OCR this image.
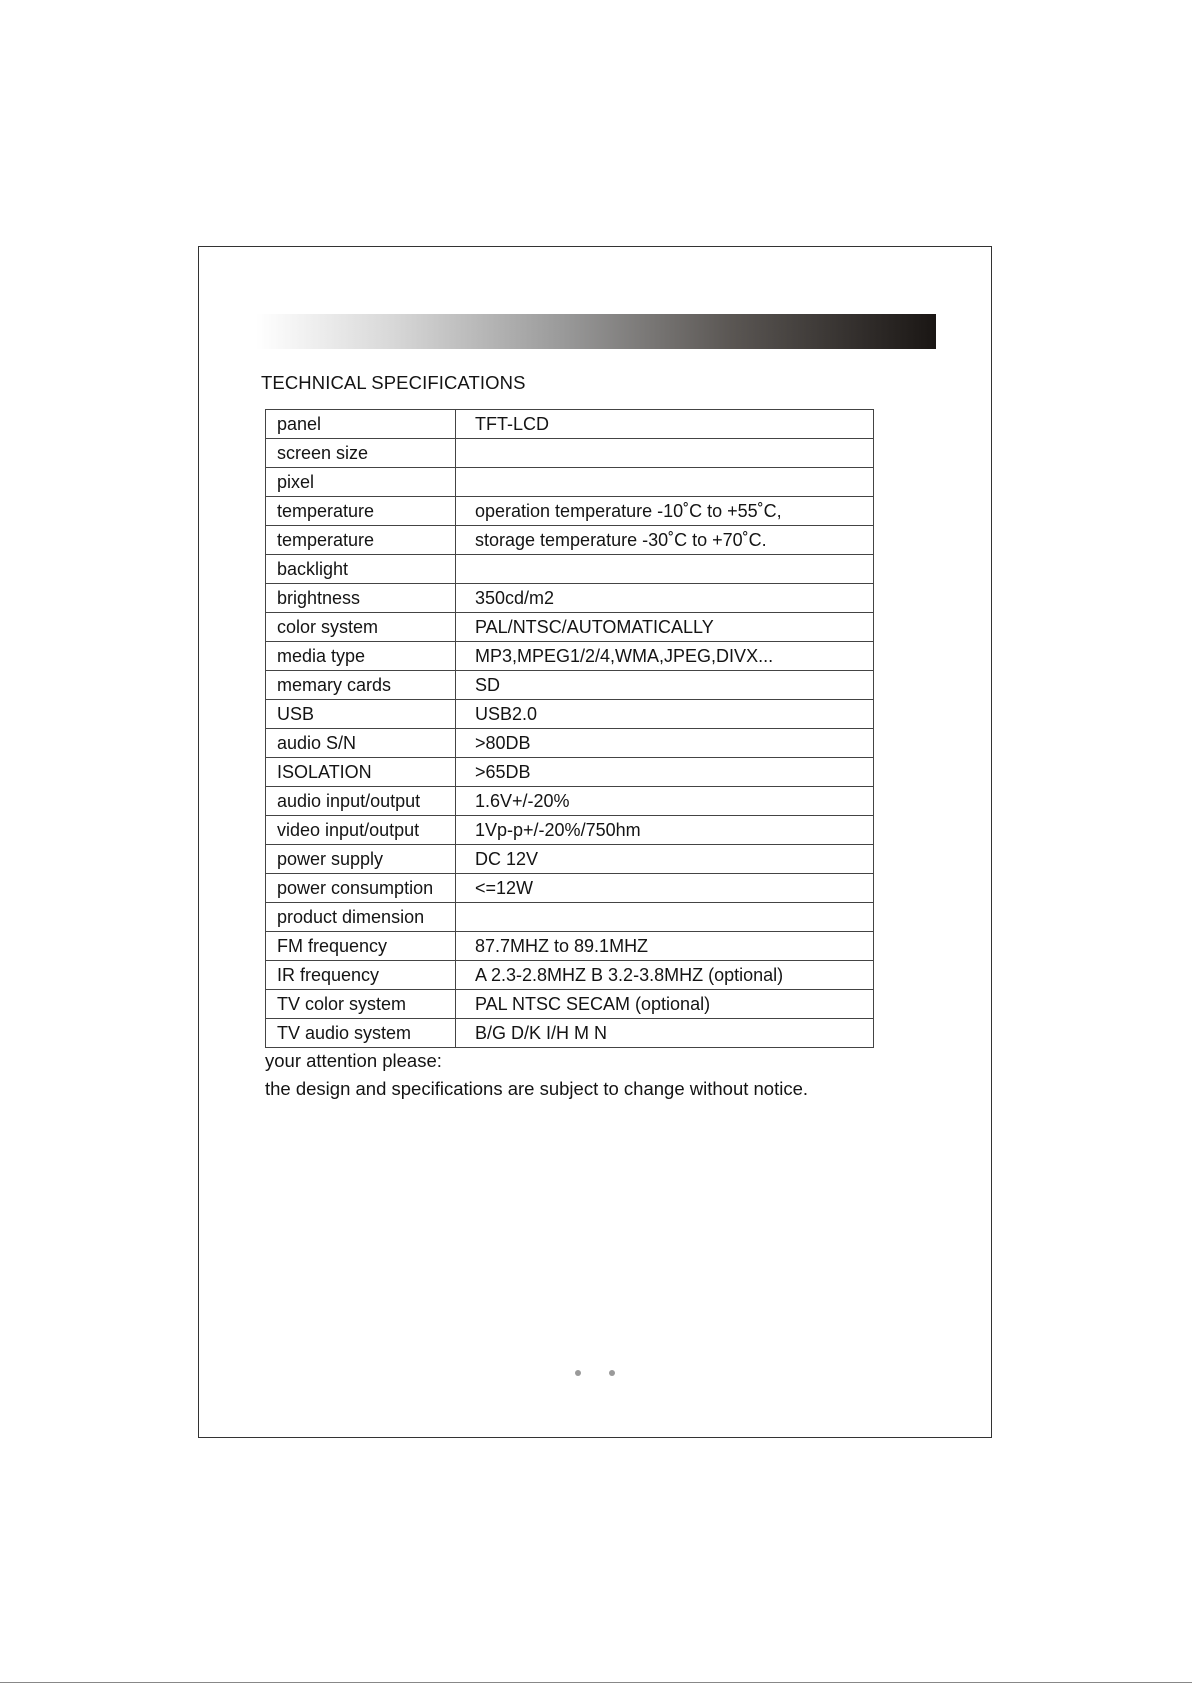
TECHNICAL SPECIFICATIONS
panel	TFT-LCD
screen size	
pixel	
temperature	operation temperature -10˚C to +55˚C,
temperature	storage temperature -30˚C to +70˚C.
backlight	
brightness	350cd/m2
color system	PAL/NTSC/AUTOMATICALLY
media type	MP3,MPEG1/2/4,WMA,JPEG,DIVX...
memary cards	SD
USB	USB2.0
audio S/N	>80DB
ISOLATION	>65DB
audio input/output	1.6V+/-20%
video input/output	1Vp-p+/-20%/750hm
power supply	DC 12V
power consumption	<=12W
product dimension	
FM frequency	87.7MHZ to 89.1MHZ
IR frequency	A 2.3-2.8MHZ B 3.2-3.8MHZ (optional)
TV color system	PAL NTSC SECAM (optional)
TV audio system	B/G D/K I/H M N
your attention please:
the design and specifications are subject to change without notice.
